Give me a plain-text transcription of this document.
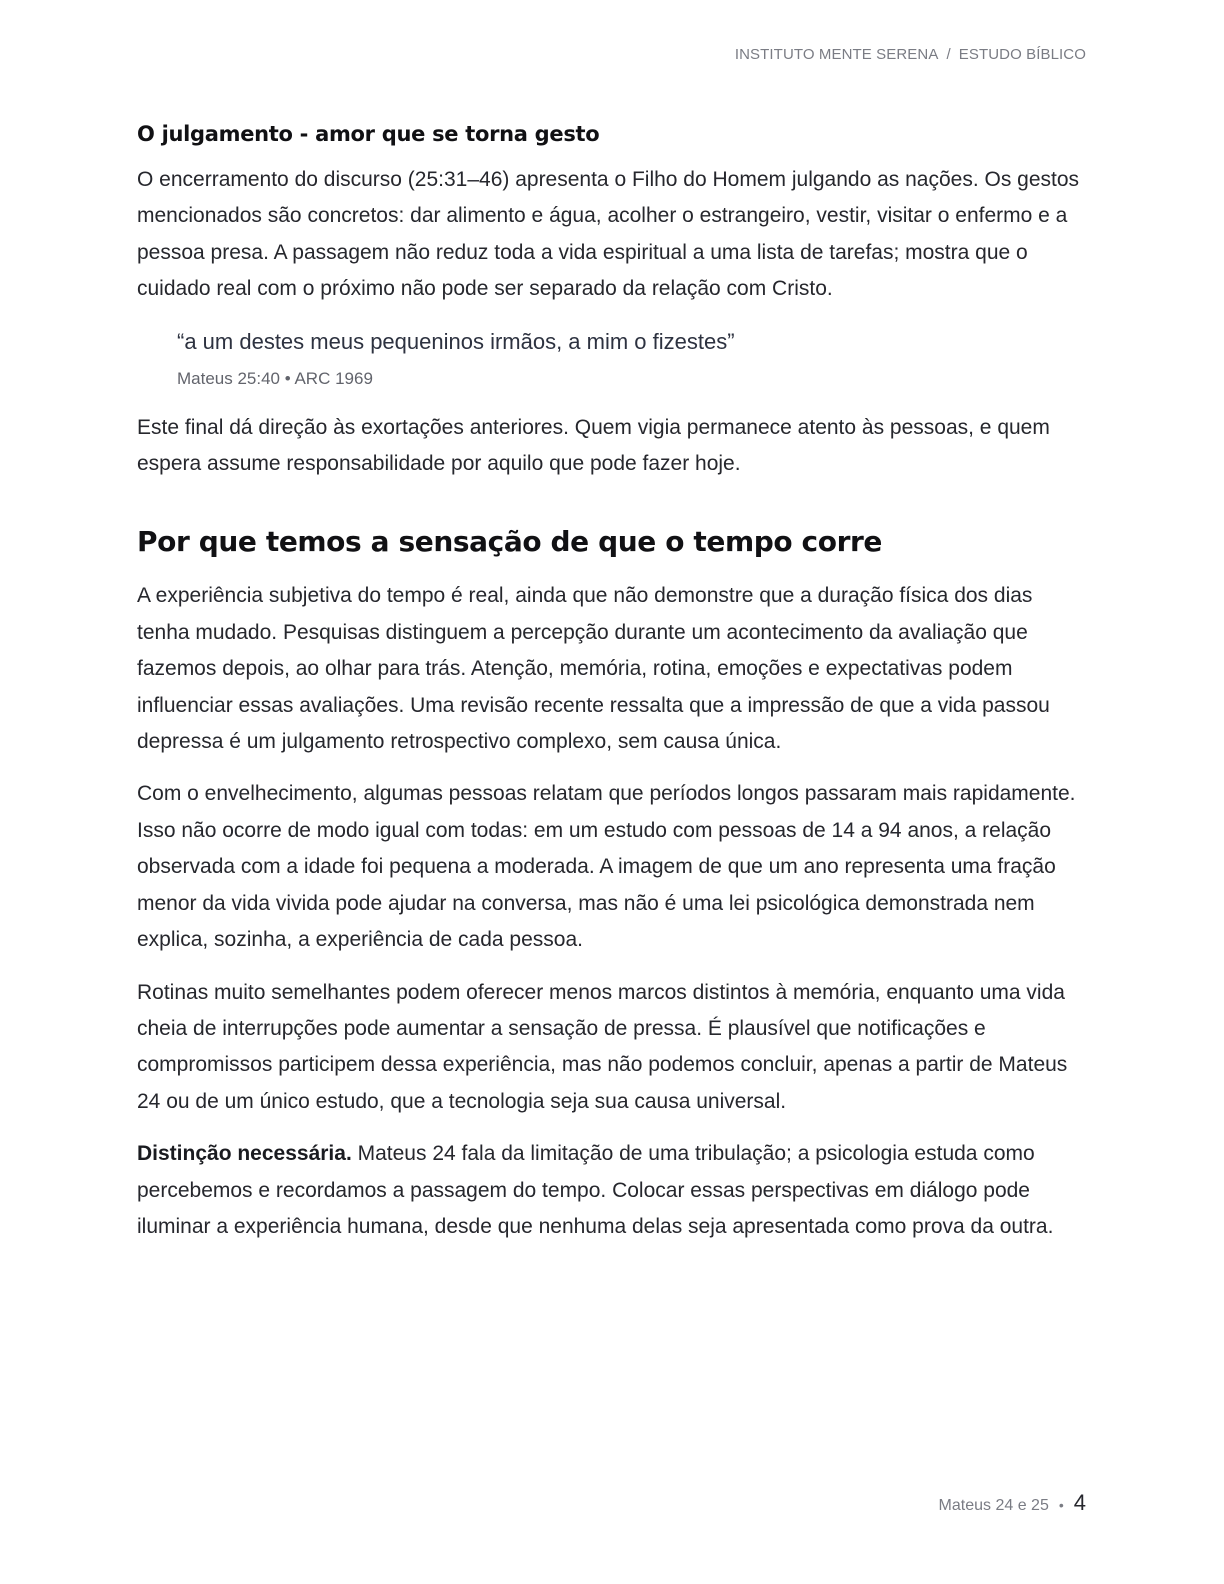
INSTITUTO MENTE SERENA / ESTUDO BÍBLICO
O julgamento - amor que se torna gesto

O encerramento do discurso (25:31–46) apresenta o Filho do Homem julgando as nações. Os gestos mencionados são concretos: dar alimento e água, acolher o estrangeiro, vestir, visitar o enfermo e a pessoa presa. A passagem não reduz toda a vida espiritual a uma lista de tarefas; mostra que o cuidado real com o próximo não pode ser separado da relação com Cristo.

“a um destes meus pequeninos irmãos, a mim o fizestes”
Mateus 25:40 • ARC 1969

Este final dá direção às exortações anteriores. Quem vigia permanece atento às pessoas, e quem espera assume responsabilidade por aquilo que pode fazer hoje.

Por que temos a sensação de que o tempo corre

A experiência subjetiva do tempo é real, ainda que não demonstre que a duração física dos dias tenha mudado. Pesquisas distinguem a percepção durante um acontecimento da avaliação que fazemos depois, ao olhar para trás. Atenção, memória, rotina, emoções e expectativas podem influenciar essas avaliações. Uma revisão recente ressalta que a impressão de que a vida passou depressa é um julgamento retrospectivo complexo, sem causa única.

Com o envelhecimento, algumas pessoas relatam que períodos longos passaram mais rapidamente. Isso não ocorre de modo igual com todas: em um estudo com pessoas de 14 a 94 anos, a relação observada com a idade foi pequena a moderada. A imagem de que um ano representa uma fração menor da vida vivida pode ajudar na conversa, mas não é uma lei psicológica demonstrada nem explica, sozinha, a experiência de cada pessoa.

Rotinas muito semelhantes podem oferecer menos marcos distintos à memória, enquanto uma vida cheia de interrupções pode aumentar a sensação de pressa. É plausível que notificações e compromissos participem dessa experiência, mas não podemos concluir, apenas a partir de Mateus 24 ou de um único estudo, que a tecnologia seja sua causa universal.

Distinção necessária. Mateus 24 fala da limitação de uma tribulação; a psicologia estuda como percebemos e recordamos a passagem do tempo. Colocar essas perspectivas em diálogo pode iluminar a experiência humana, desde que nenhuma delas seja apresentada como prova da outra.

Mateus 24 e 25 • 4
